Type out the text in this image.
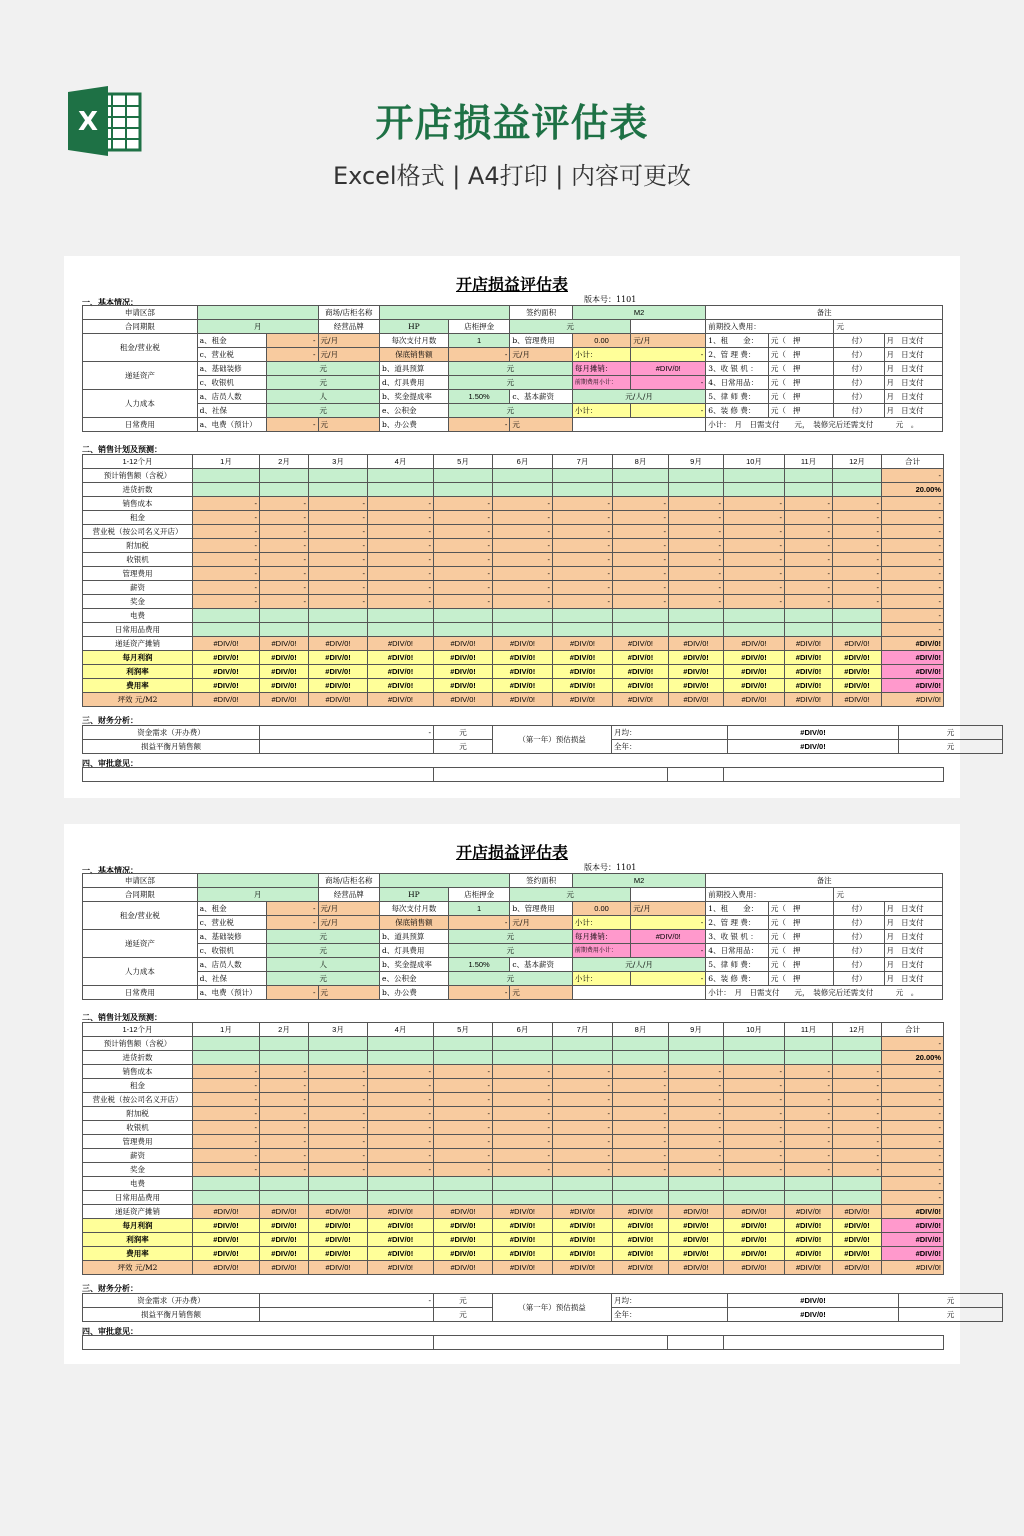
X	开店损益评估表
Excel格式 | A4打印 | 内容可更改
开店损益评估表
版本号：1101
一、基本情况：
申请区部			商场/店柜名称			签约面积	M2		备注			
合同期限	月		经营品牌	HP	店柜押金	元			前期投入费用：		元	
租金/营业税	a、租金	-	元/月	每次支付月数	1	b、管理费用	0.00	元/月	1、租　　金：	元（ 押	付）	月 日支付
	c、营业税	-	元/月	保底销售额	-	元/月	小计：	-	2、管 理 费：	元（ 押	付）	月 日支付
递延资产	a、基础装修	元		b、道具预算	元		每月摊销：	#DIV/0!	3、收 银 机 ：	元（ 押	付）	月 日支付
	c、收银机	元		d、灯具费用	元		前期费用小计：	-	4、日常用品：	元（ 押	付）	月 日支付
人力成本	a、店员人数	人		b、奖金提成率	1.50%	c、基本薪资	元/人/月		5、律 师 费：	元（ 押	付）	月 日支付
	d、社保	元		e、公积金	元		小计：	-	6、装 修 费：	元（ 押	付）	月 日支付
日常费用	a、电费（预计）	-	元	b、办公费	-	元			小计：　月　日需支付　　元，　装修完后还需支付　　　元　。			
二、销售计划及预测：
1-12个月	1月	2月	3月	4月	5月	6月	7月	8月	9月	10月	11月	12月	合计
预计销售额（含税）													-
进货折数													20.00%
销售成本	-	-	-	-	-	-	-	-	-	-	-	-	-
租金	-	-	-	-	-	-	-	-	-	-	-	-	-
营业税（按公司名义开店）	-	-	-	-	-	-	-	-	-	-	-	-	-
附加税	-	-	-	-	-	-	-	-	-	-	-	-	-
收银机	-	-	-	-	-	-	-	-	-	-	-	-	-
管理费用	-	-	-	-	-	-	-	-	-	-	-	-	-
薪资	-	-	-	-	-	-	-	-	-	-	-	-	-
奖金	-	-	-	-	-	-	-	-	-	-	-	-	-
电费													-
日常用品费用													-
递延资产摊销	#DIV/0!	#DIV/0!	#DIV/0!	#DIV/0!	#DIV/0!	#DIV/0!	#DIV/0!	#DIV/0!	#DIV/0!	#DIV/0!	#DIV/0!	#DIV/0!	#DIV/0!
每月利润	#DIV/0!	#DIV/0!	#DIV/0!	#DIV/0!	#DIV/0!	#DIV/0!	#DIV/0!	#DIV/0!	#DIV/0!	#DIV/0!	#DIV/0!	#DIV/0!	#DIV/0!
利润率	#DIV/0!	#DIV/0!	#DIV/0!	#DIV/0!	#DIV/0!	#DIV/0!	#DIV/0!	#DIV/0!	#DIV/0!	#DIV/0!	#DIV/0!	#DIV/0!	#DIV/0!
费用率	#DIV/0!	#DIV/0!	#DIV/0!	#DIV/0!	#DIV/0!	#DIV/0!	#DIV/0!	#DIV/0!	#DIV/0!	#DIV/0!	#DIV/0!	#DIV/0!	#DIV/0!
坪效 元/M2	#DIV/0!	#DIV/0!	#DIV/0!	#DIV/0!	#DIV/0!	#DIV/0!	#DIV/0!	#DIV/0!	#DIV/0!	#DIV/0!	#DIV/0!	#DIV/0!	#DIV/0!
三、财务分析：
资金需求（开办费）	-	元	（第一年）预估损益	月均：	#DIV/0!	元
损益平衡月销售额		元		全年：	#DIV/0!	元
四、审批意见：

开店损益评估表
版本号：1101
一、基本情况：
申请区部			商场/店柜名称			签约面积	M2		备注			
合同期限	月		经营品牌	HP	店柜押金	元			前期投入费用：		元	
租金/营业税	a、租金	-	元/月	每次支付月数	1	b、管理费用	0.00	元/月	1、租　　金：	元（ 押	付）	月 日支付
	c、营业税	-	元/月	保底销售额	-	元/月	小计：	-	2、管 理 费：	元（ 押	付）	月 日支付
递延资产	a、基础装修	元		b、道具预算	元		每月摊销：	#DIV/0!	3、收 银 机 ：	元（ 押	付）	月 日支付
	c、收银机	元		d、灯具费用	元		前期费用小计：	-	4、日常用品：	元（ 押	付）	月 日支付
人力成本	a、店员人数	人		b、奖金提成率	1.50%	c、基本薪资	元/人/月		5、律 师 费：	元（ 押	付）	月 日支付
	d、社保	元		e、公积金	元		小计：	-	6、装 修 费：	元（ 押	付）	月 日支付
日常费用	a、电费（预计）	-	元	b、办公费	-	元			小计：　月　日需支付　　元，　装修完后还需支付　　　元　。			
二、销售计划及预测：
1-12个月	1月	2月	3月	4月	5月	6月	7月	8月	9月	10月	11月	12月	合计
预计销售额（含税）													-
进货折数													20.00%
销售成本	-	-	-	-	-	-	-	-	-	-	-	-	-
租金	-	-	-	-	-	-	-	-	-	-	-	-	-
营业税（按公司名义开店）	-	-	-	-	-	-	-	-	-	-	-	-	-
附加税	-	-	-	-	-	-	-	-	-	-	-	-	-
收银机	-	-	-	-	-	-	-	-	-	-	-	-	-
管理费用	-	-	-	-	-	-	-	-	-	-	-	-	-
薪资	-	-	-	-	-	-	-	-	-	-	-	-	-
奖金	-	-	-	-	-	-	-	-	-	-	-	-	-
电费													-
日常用品费用													-
递延资产摊销	#DIV/0!	#DIV/0!	#DIV/0!	#DIV/0!	#DIV/0!	#DIV/0!	#DIV/0!	#DIV/0!	#DIV/0!	#DIV/0!	#DIV/0!	#DIV/0!	#DIV/0!
每月利润	#DIV/0!	#DIV/0!	#DIV/0!	#DIV/0!	#DIV/0!	#DIV/0!	#DIV/0!	#DIV/0!	#DIV/0!	#DIV/0!	#DIV/0!	#DIV/0!	#DIV/0!
利润率	#DIV/0!	#DIV/0!	#DIV/0!	#DIV/0!	#DIV/0!	#DIV/0!	#DIV/0!	#DIV/0!	#DIV/0!	#DIV/0!	#DIV/0!	#DIV/0!	#DIV/0!
费用率	#DIV/0!	#DIV/0!	#DIV/0!	#DIV/0!	#DIV/0!	#DIV/0!	#DIV/0!	#DIV/0!	#DIV/0!	#DIV/0!	#DIV/0!	#DIV/0!	#DIV/0!
坪效 元/M2	#DIV/0!	#DIV/0!	#DIV/0!	#DIV/0!	#DIV/0!	#DIV/0!	#DIV/0!	#DIV/0!	#DIV/0!	#DIV/0!	#DIV/0!	#DIV/0!	#DIV/0!
三、财务分析：
资金需求（开办费）	-	元	（第一年）预估损益	月均：	#DIV/0!	元
损益平衡月销售额		元		全年：	#DIV/0!	元
四、审批意见：
